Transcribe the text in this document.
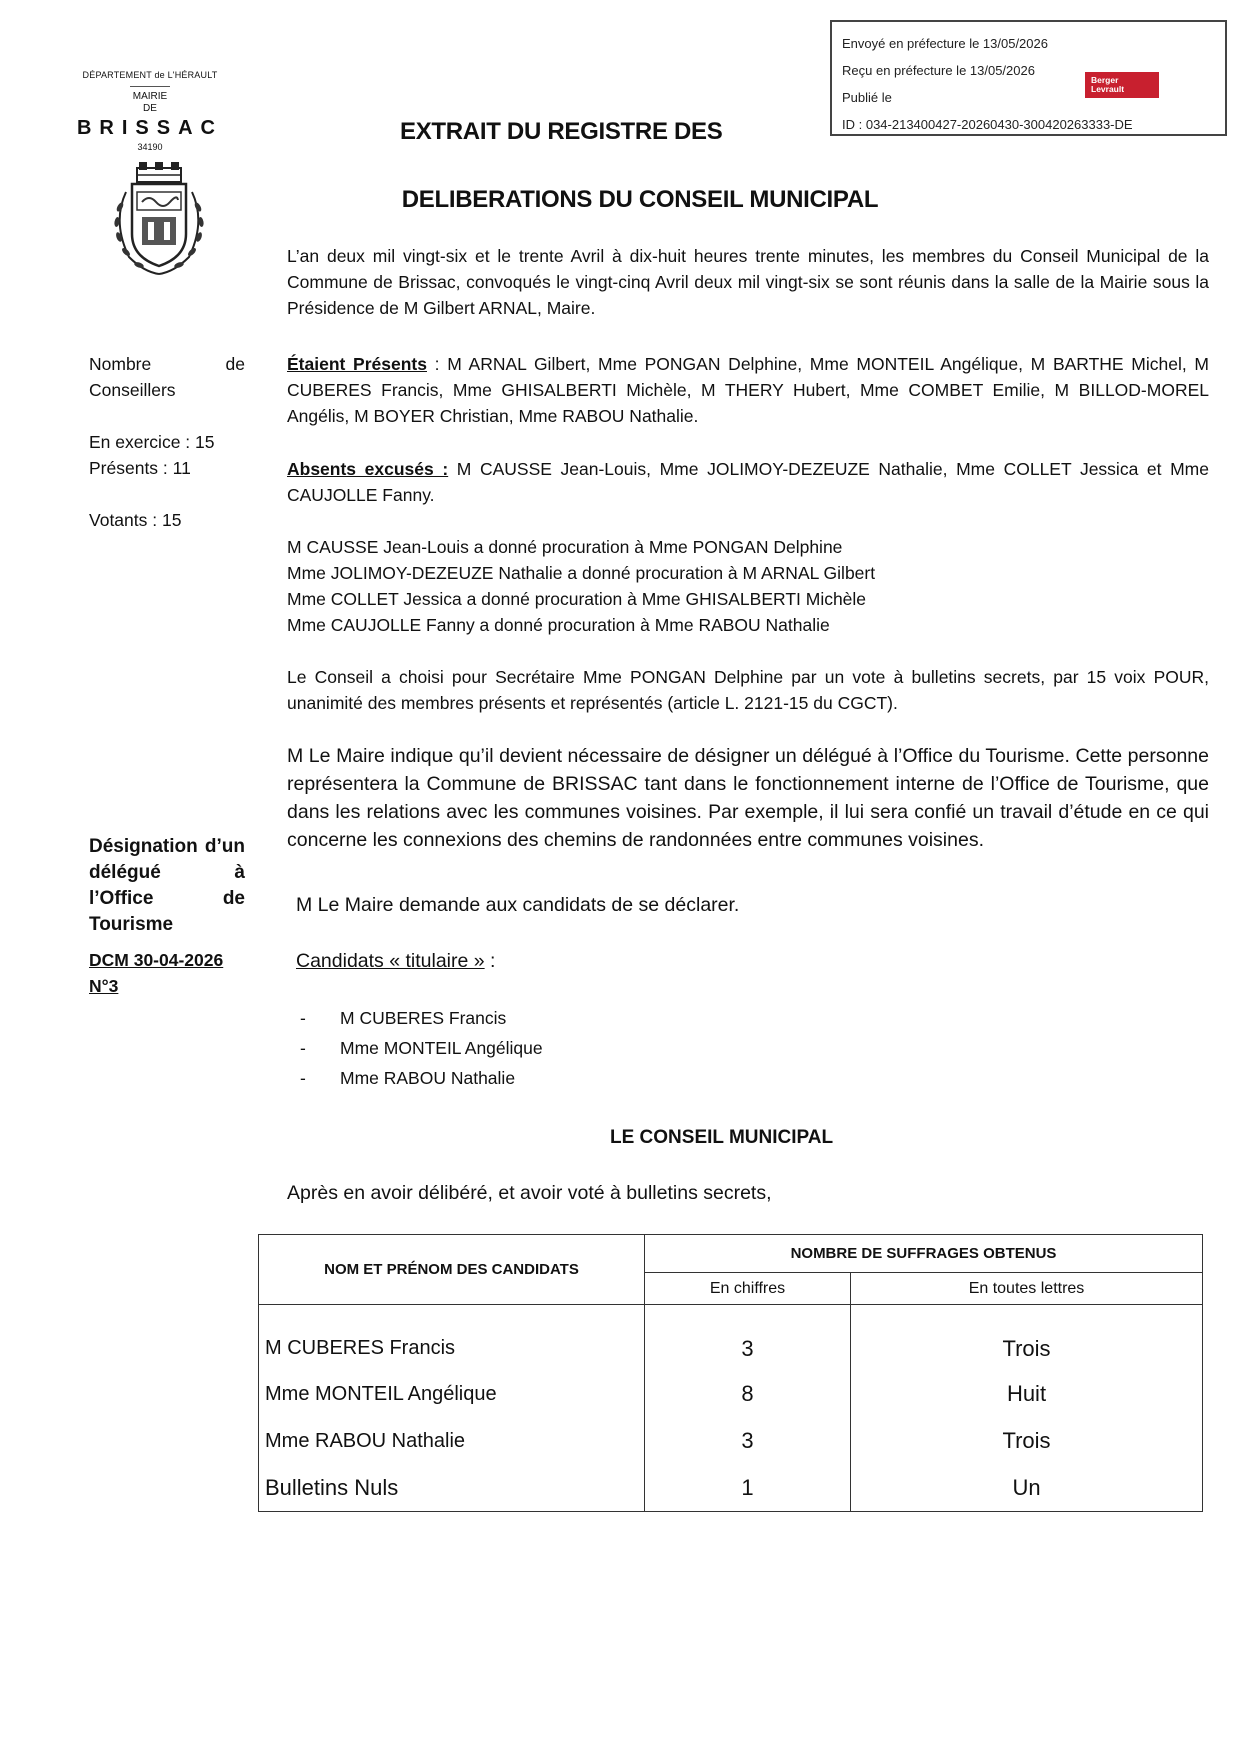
Envoyé en préfecture le 13/05/2026
Reçu en préfecture le 13/05/2026
Publié le
ID : 034-213400427-20260430-300420263333-DE
Berger
Levrault
DÉPARTEMENT de L'HÉRAULT
MAIRIE
DE
BRISSAC
34190
EXTRAIT DU REGISTRE DES
DELIBERATIONS DU CONSEIL MUNICIPAL
L’an deux mil vingt-six et le trente Avril à dix-huit heures trente minutes, les membres du Conseil Municipal de la Commune de Brissac, convoqués le vingt-cinq Avril deux mil vingt-six se sont réunis dans la salle de la Mairie sous la Présidence de M Gilbert ARNAL, Maire.
Nombre de Conseillers
En exercice : 15
Présents : 11
Votants : 15
Désignation d’un délégué à l’Office de Tourisme
DCM 30-04-2026
N°3
Étaient Présents : M ARNAL Gilbert, Mme PONGAN Delphine, Mme MONTEIL Angélique, M BARTHE Michel, M CUBERES Francis, Mme GHISALBERTI Michèle, M THERY Hubert, Mme COMBET Emilie, M BILLOD-MOREL Angélis, M BOYER Christian, Mme RABOU Nathalie.
Absents excusés : M CAUSSE Jean-Louis, Mme JOLIMOY-DEZEUZE Nathalie, Mme COLLET Jessica et Mme CAUJOLLE Fanny.
M CAUSSE Jean-Louis a donné procuration à Mme PONGAN Delphine
Mme JOLIMOY-DEZEUZE Nathalie a donné procuration à M ARNAL Gilbert
Mme COLLET Jessica a donné procuration à Mme GHISALBERTI Michèle
Mme CAUJOLLE Fanny a donné procuration à Mme RABOU Nathalie
Le Conseil a choisi pour Secrétaire Mme PONGAN Delphine par un vote à bulletins secrets, par 15 voix POUR, unanimité des membres présents et représentés (article L. 2121-15 du CGCT).
M Le Maire indique qu’il devient nécessaire de désigner un délégué à l’Office du Tourisme. Cette personne représentera la Commune de BRISSAC tant dans le fonctionnement interne de l’Office de Tourisme, que dans les relations avec les communes voisines. Par exemple, il lui sera confié un travail d’étude en ce qui concerne les connexions des chemins de randonnées entre communes voisines.
M Le Maire demande aux candidats de se déclarer.
Candidats « titulaire » :
-	M CUBERES Francis
-	Mme MONTEIL Angélique
-	Mme RABOU Nathalie
LE CONSEIL MUNICIPAL
Après en avoir délibéré, et avoir voté à bulletins secrets,
NOM ET PRÉNOM DES CANDIDATS	NOMBRE DE SUFFRAGES OBTENUS	
	En chiffres	En toutes lettres
M CUBERES Francis	3	Trois
Mme MONTEIL Angélique	8	Huit
Mme RABOU Nathalie	3	Trois
Bulletins Nuls	1	Un
